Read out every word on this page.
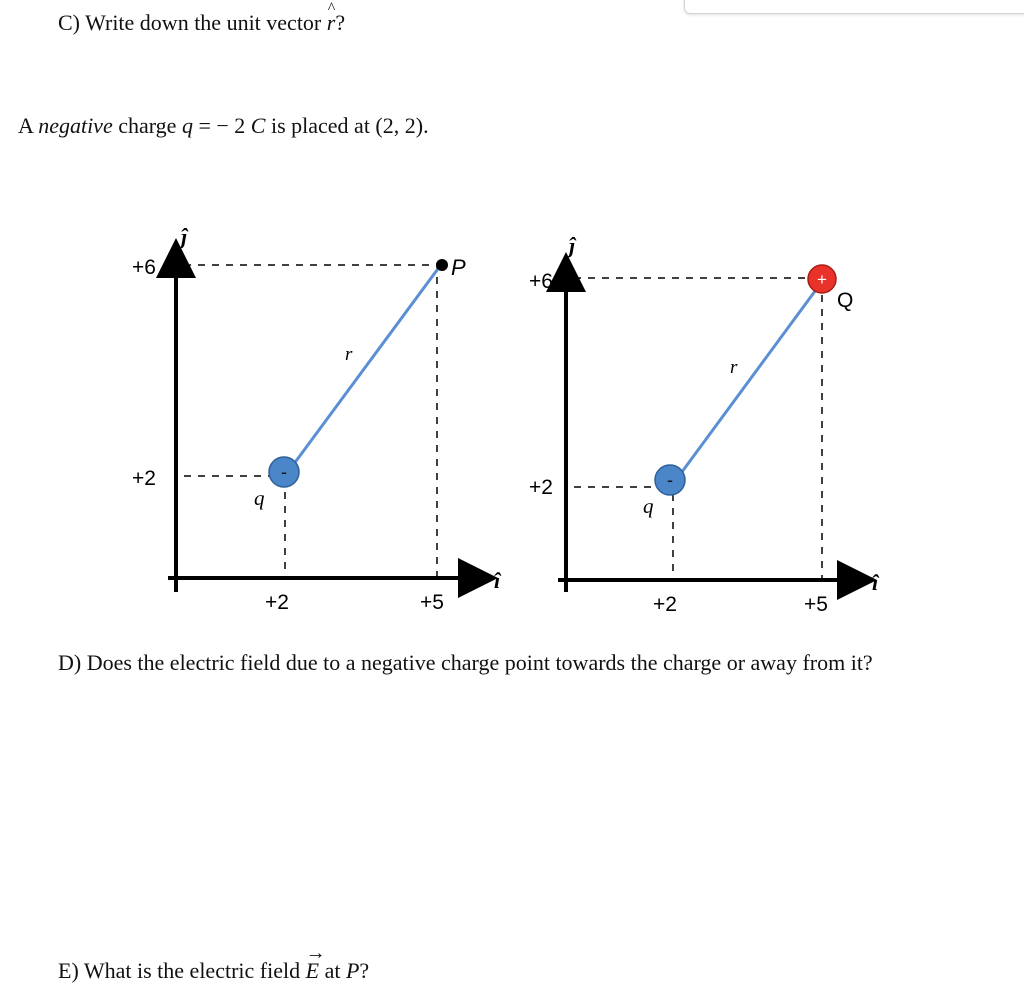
C) Write down the unit vector ^ r?
A negative charge q = − 2 C is placed at (2, 2).
-
ĵ
+6
+2
+2	+5
î
P
q
r⃗
-
+
ĵ
+6
+2
+2	+5
î
Q
q
r⃗
D) Does the electric field due to a negative charge point towards the charge or away from it?
E) What is the electric field → E at P?
